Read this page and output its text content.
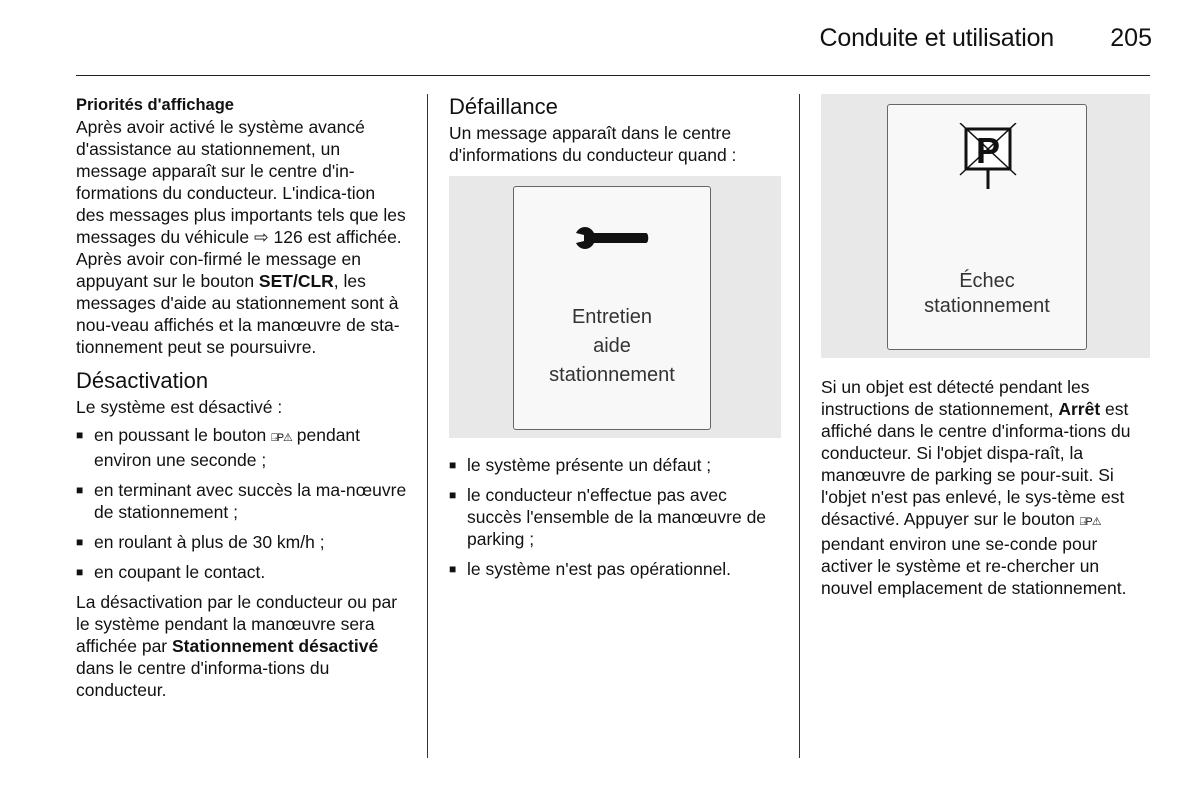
Conduite et utilisation 205

Priorités d'affichage

Après avoir activé le système avancé d'assistance au stationnement, un message apparaît sur le centre d'in-formations du conducteur. L'indica-tion des messages plus importants tels que les messages du véhicule ⇨ 126 est affichée. Après avoir con-firmé le message en appuyant sur le bouton SET/CLR, les messages d'aide au stationnement sont à nou-veau affichés et la manœuvre de sta-tionnement peut se poursuivre.

Désactivation

Le système est désactivé :

■ en poussant le bouton ⍈P⚠ pendant environ une seconde ;
■ en terminant avec succès la ma-nœuvre de stationnement ;
■ en roulant à plus de 30 km/h ;
■ en coupant le contact.

La désactivation par le conducteur ou par le système pendant la manœuvre sera affichée par Stationnement désactivé dans le centre d'informa-tions du conducteur.

Défaillance

Un message apparaît dans le centre d'informations du conducteur quand :

Entretien
aide
stationnement
■ le système présente un défaut ;
■ le conducteur n'effectue pas avec succès l'ensemble de la manœuvre de parking ;
■ le système n'est pas opérationnel.
P
Échec
stationnement

Si un objet est détecté pendant les instructions de stationnement, Arrêt est affiché dans le centre d'informa-tions du conducteur. Si l'objet dispa-raît, la manœuvre de parking se pour-suit. Si l'objet n'est pas enlevé, le sys-tème est désactivé. Appuyer sur le bouton ⍈P⚠ pendant environ une se-conde pour activer le système et re-chercher un nouvel emplacement de stationnement.
